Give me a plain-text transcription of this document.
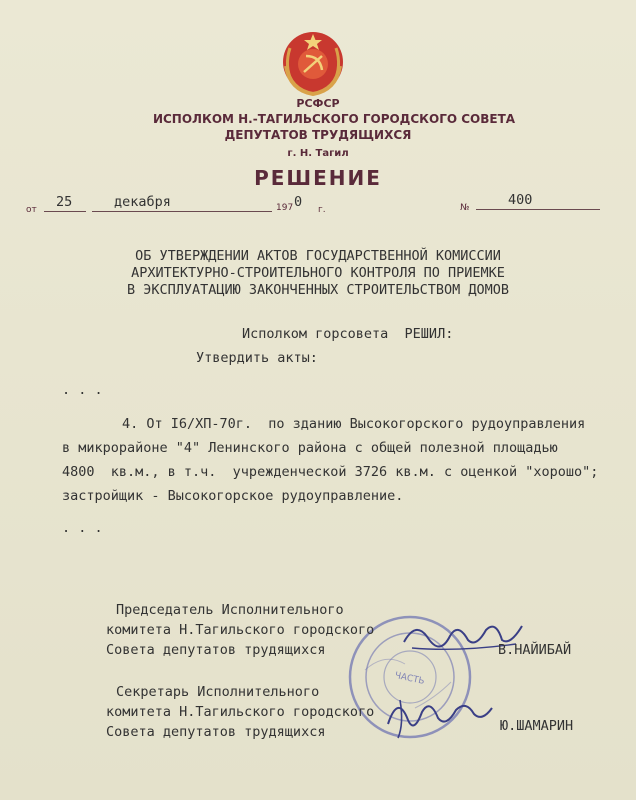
РСФСР
ИСПОЛКОМ Н.-ТАГИЛЬСКОГО ГОРОДСКОГО СОВЕТА
ДЕПУТАТОВ ТРУДЯЩИХСЯ
г. Н. Тагил
РЕШЕНИЕ
от 25	декабря	197 0 г.	№	400
ОБ УТВЕРЖДЕНИИ АКТОВ ГОСУДАРСТВЕННОЙ КОМИССИИ
АРХИТЕКТУРНО-СТРОИТЕЛЬНОГО КОНТРОЛЯ ПО ПРИЕМКЕ
В ЭКСПЛУАТАЦИЮ ЗАКОНЧЕННЫХ СТРОИТЕЛЬСТВОМ ДОМОВ
Исполком горсовета  РЕШИЛ:
Утвердить акты:
. . .
4. От I6/ХП-70г.  по зданию Высокогорского рудоуправления
в микрорайоне "4" Ленинского района с общей полезной площадью
4800  кв.м., в т.ч.  учрежденческой 3726 кв.м. с оценкой "хорошо";
застройщик - Высокогорское рудоуправление.
. . .
ЧАСТЬ
Председатель Исполнительного
комитета Н.Тагильского городского
Совета депутатов трудящихся	В.НАЙИБАЙ
Секретарь Исполнительного
комитета Н.Тагильского городского
Совета депутатов трудящихся	Ю.ШАМАРИН
